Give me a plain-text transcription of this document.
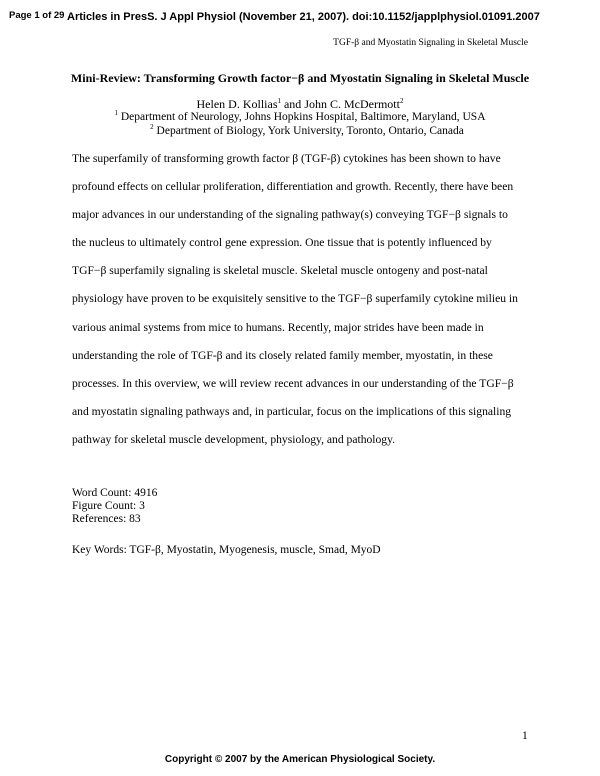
Page 1 of 29 Articles in PresS. J Appl Physiol (November 21, 2007). doi:10.1152/japplphysiol.01091.2007
TGF-β and Myostatin Signaling in Skeletal Muscle
Mini-Review: Transforming Growth factor−β and Myostatin Signaling in Skeletal Muscle
Helen D. Kollias$^1$ and John C. McDermott$^2$
$^1$ Department of Neurology, Johns Hopkins Hospital, Baltimore, Maryland, USA
$^2$ Department of Biology, York University, Toronto, Ontario, Canada
The superfamily of transforming growth factor β (TGF-β) cytokines has been shown to have
profound effects on cellular proliferation, differentiation and growth. Recently, there have been
major advances in our understanding of the signaling pathway(s) conveying TGF−β signals to
the nucleus to ultimately control gene expression. One tissue that is potently influenced by
TGF−β superfamily signaling is skeletal muscle. Skeletal muscle ontogeny and post-natal
physiology have proven to be exquisitely sensitive to the TGF−β superfamily cytokine milieu in
various animal systems from mice to humans. Recently, major strides have been made in
understanding the role of TGF-β and its closely related family member, myostatin, in these
processes. In this overview, we will review recent advances in our understanding of the TGF−β
and myostatin signaling pathways and, in particular, focus on the implications of this signaling
pathway for skeletal muscle development, physiology, and pathology.
Word Count: 4916
Figure Count: 3
References: 83
Key Words: TGF-β, Myostatin, Myogenesis, muscle, Smad, MyoD
1
Copyright © 2007 by the American Physiological Society.
